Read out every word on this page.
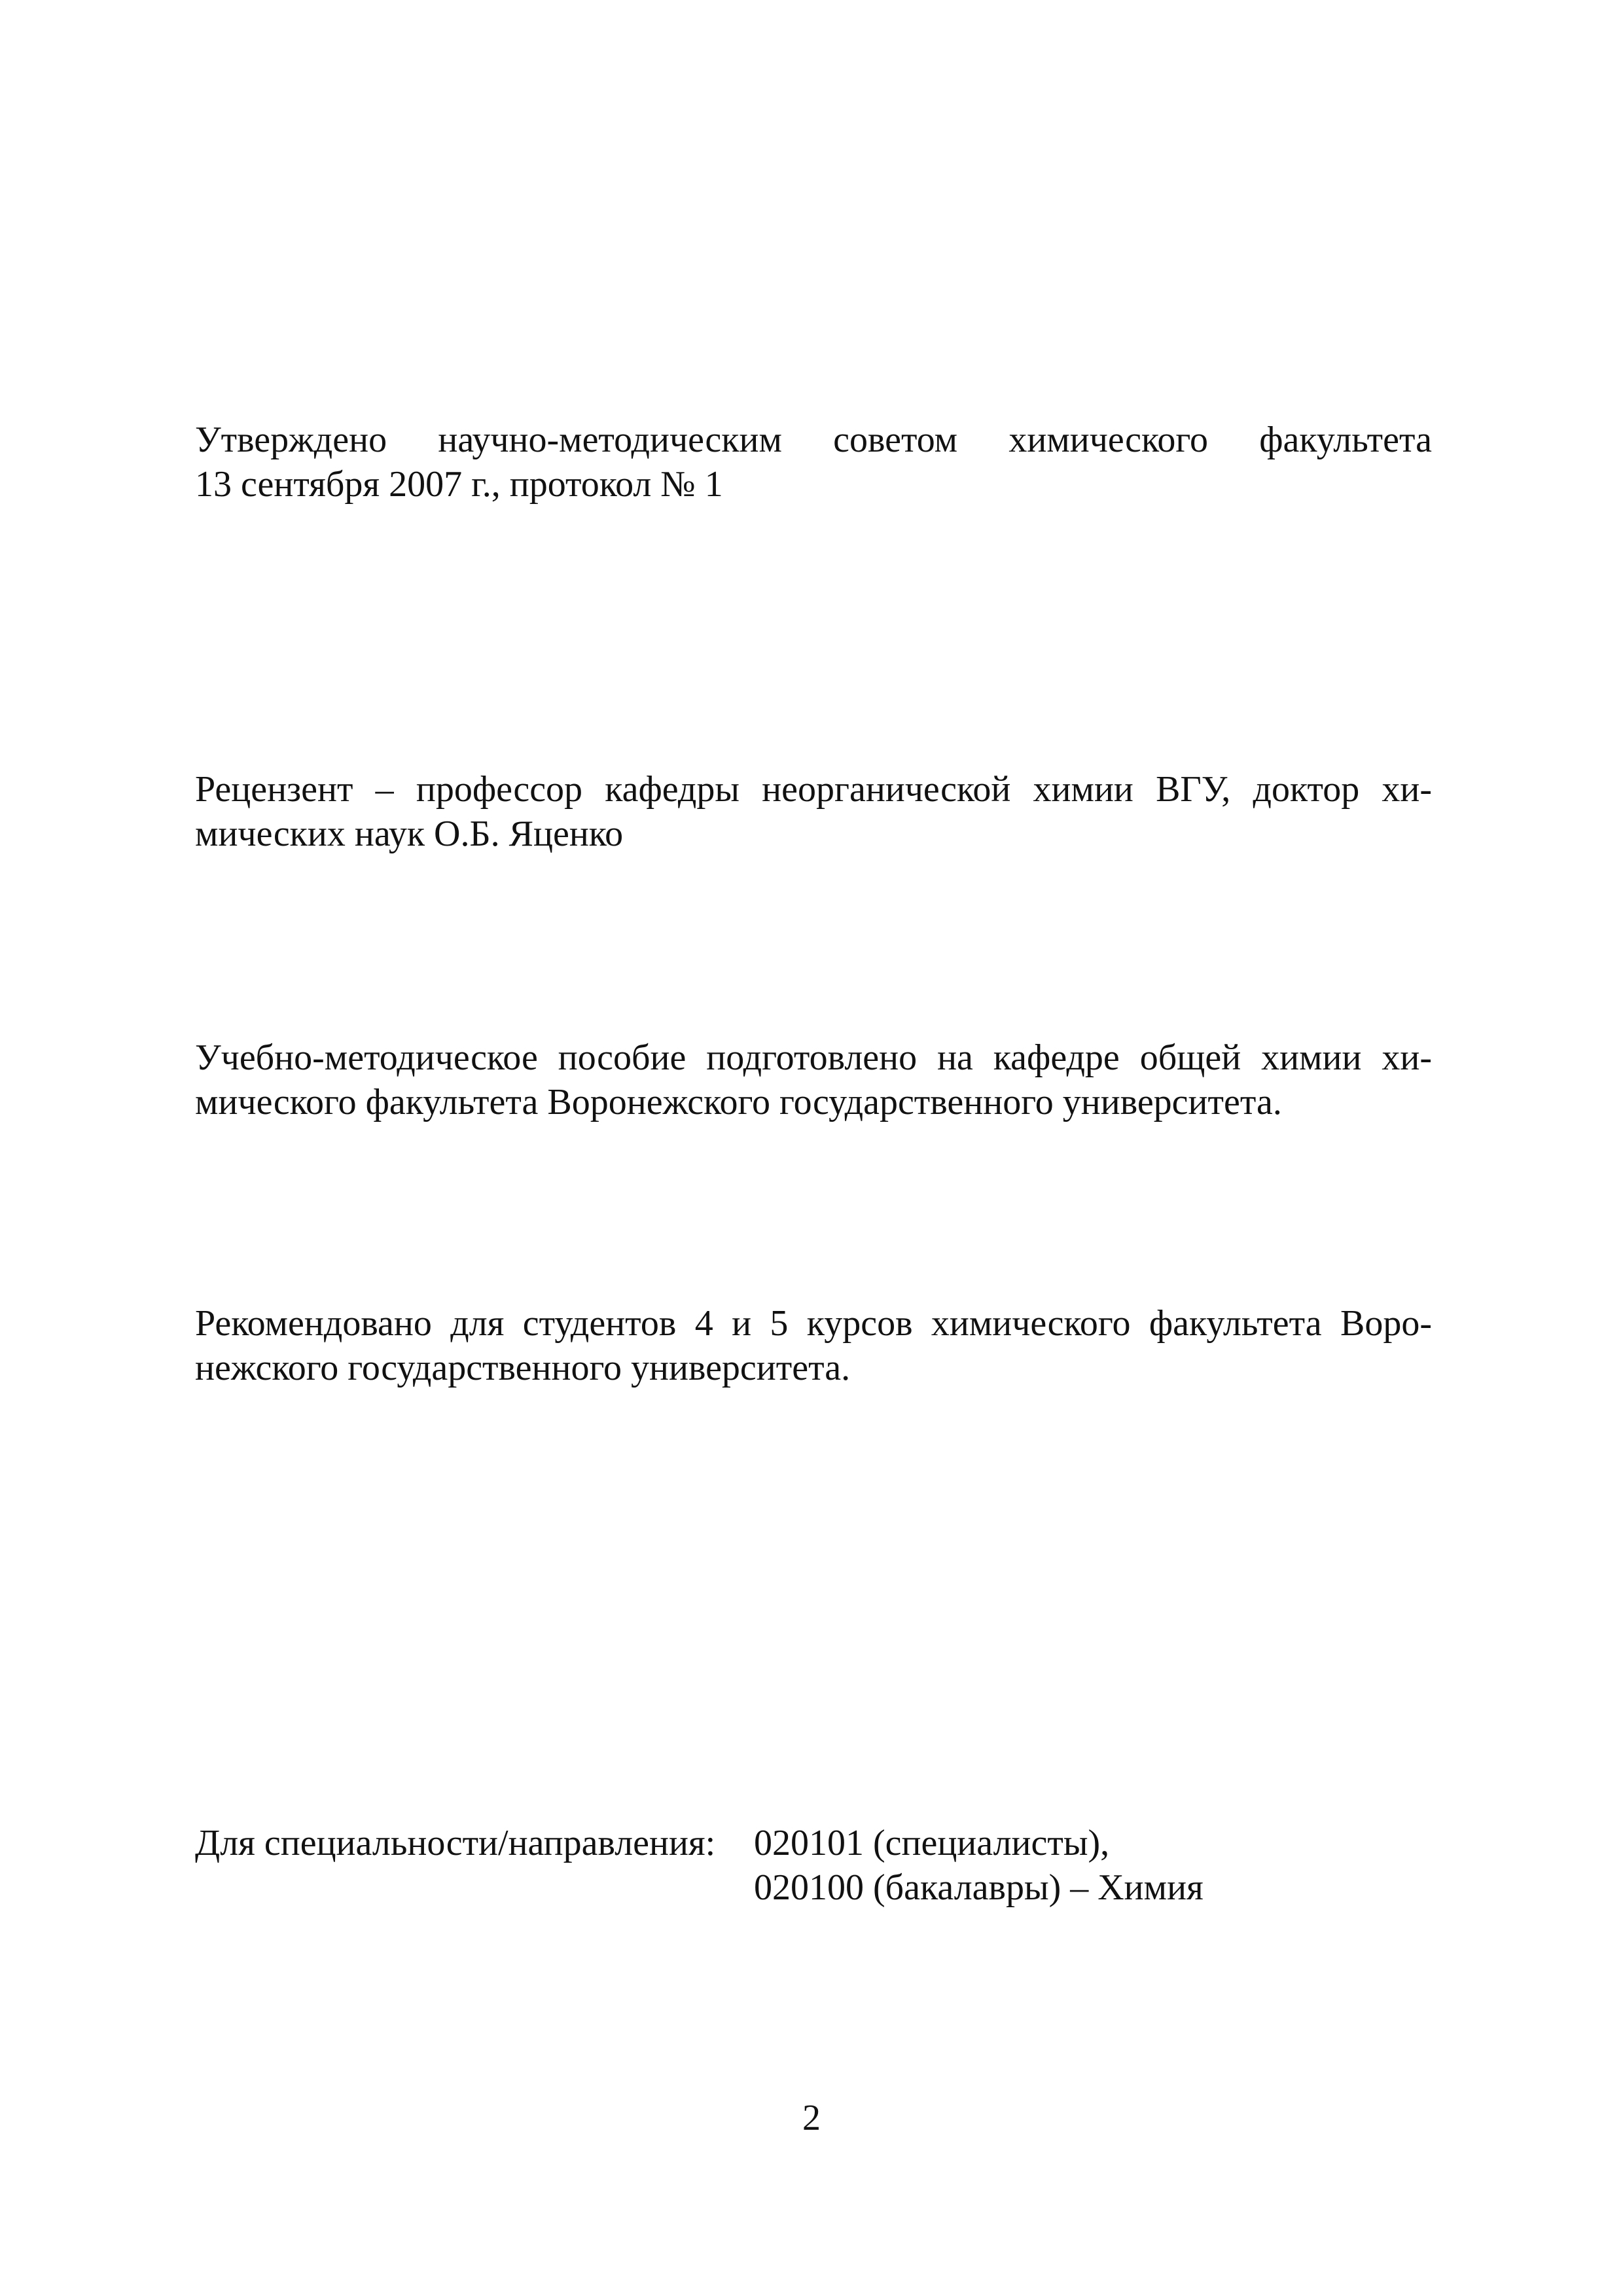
Утверждено научно-методическим советом химического факультета
13 сентября 2007 г., протокол № 1
Рецензент – профессор кафедры неорганической химии ВГУ, доктор хи-
мических наук О.Б. Яценко
Учебно-методическое пособие подготовлено на кафедре общей химии хи-
мического факультета Воронежского государственного университета.
Рекомендовано для студентов 4 и 5 курсов химического факультета Воро-
нежского государственного университета.
Для специальности/направления:	020101 (специалисты),
020100 (бакалавры) – Химия
2
